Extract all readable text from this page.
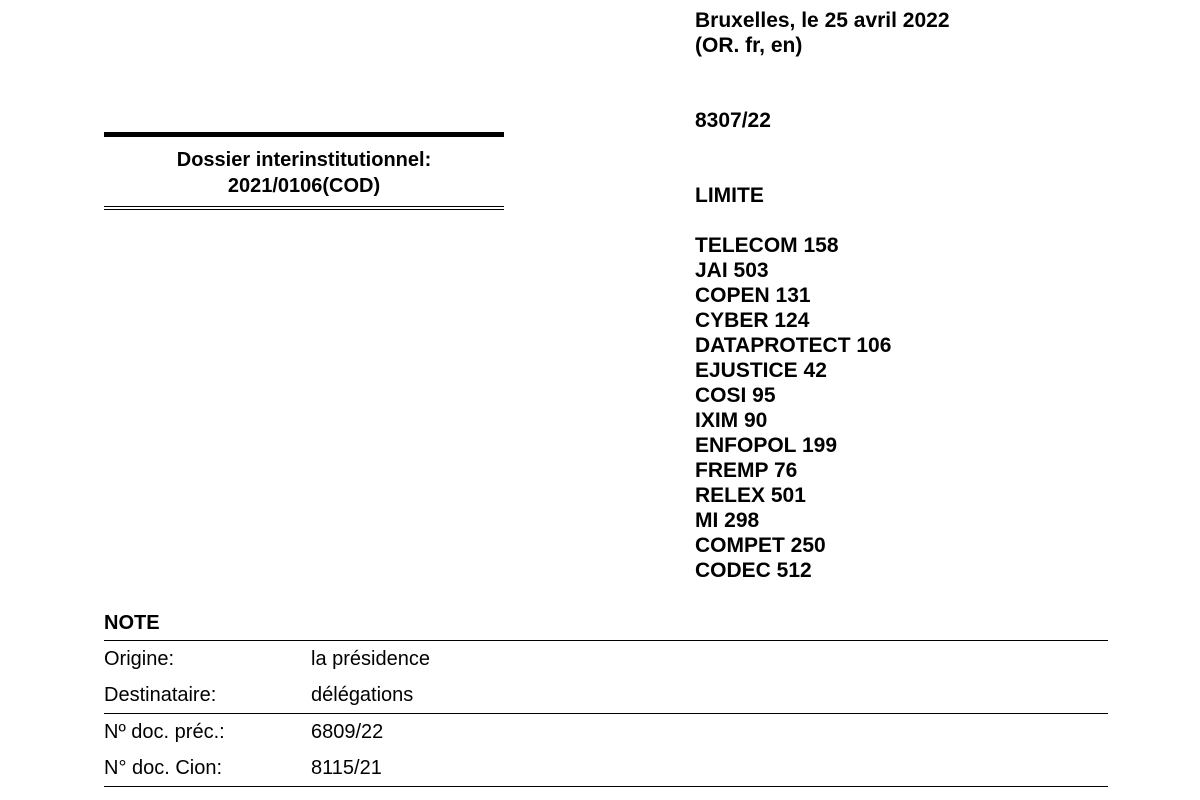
Dossier interinstitutionnel:
2021/0106(COD)
Bruxelles, le 25 avril 2022
(OR. fr, en)
8307/22
LIMITE
TELECOM 158
JAI 503
COPEN 131
CYBER 124
DATAPROTECT 106
EJUSTICE 42
COSI 95
IXIM 90
ENFOPOL 199
FREMP 76
RELEX 501
MI 298
COMPET 250
CODEC 512
NOTE
Origine:	la présidence
Destinataire:	délégations
Nº doc. préc.:	6809/22
N° doc. Cion:	8115/21
